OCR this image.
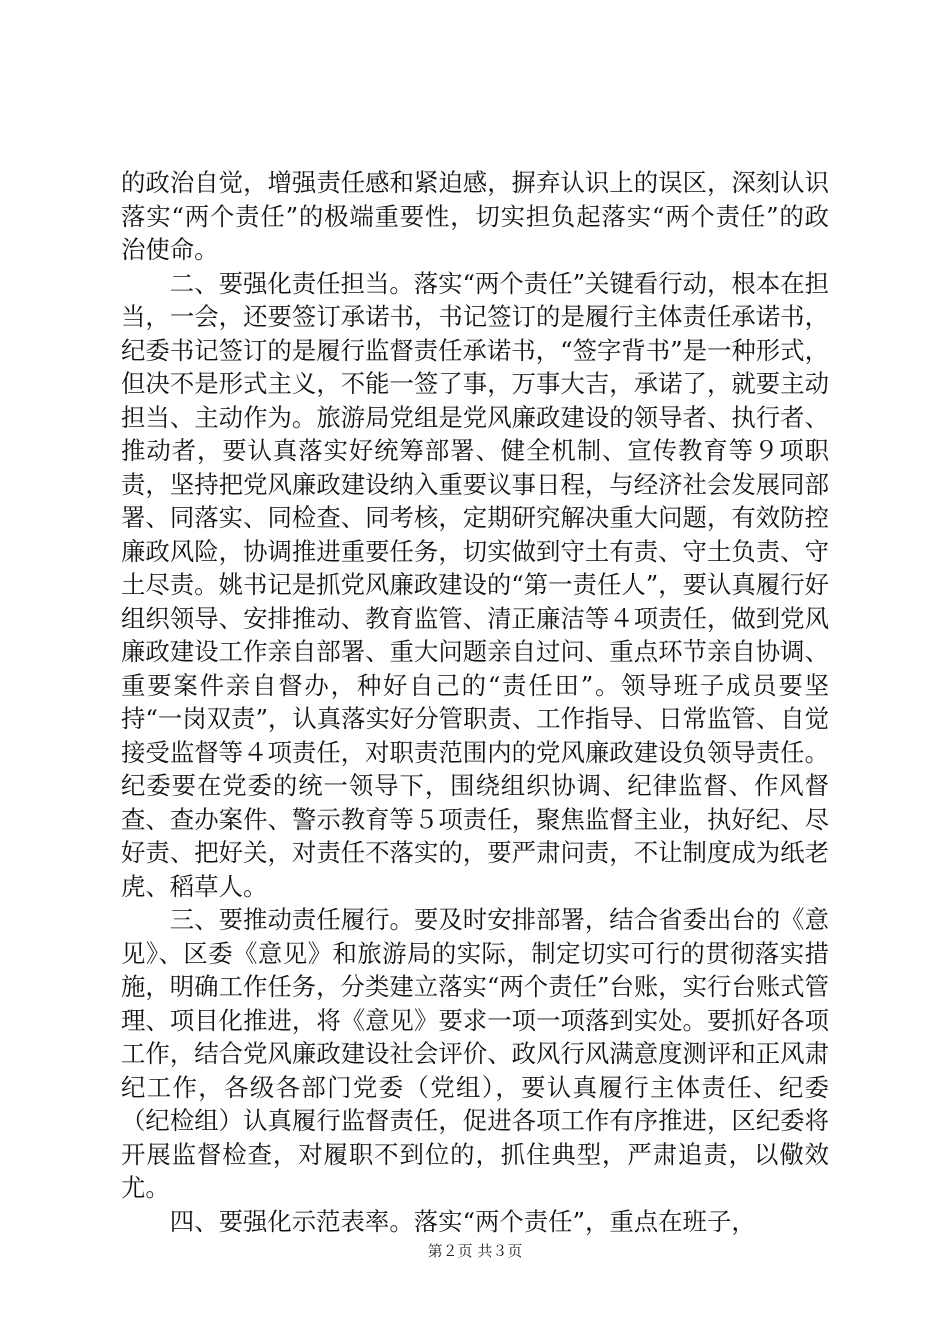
的政治自觉，增强责任感和紧迫感，摒弃认识上的误区，深刻认识落实“两个责任”的极端重要性，切实担负起落实“两个责任”的政治使命。

二、要强化责任担当。落实“两个责任”关键看行动，根本在担当，一会，还要签订承诺书，书记签订的是履行主体责任承诺书，纪委书记签订的是履行监督责任承诺书，“签字背书”是一种形式，但决不是形式主义，不能一签了事，万事大吉，承诺了，就要主动担当、主动作为。旅游局党组是党风廉政建设的领导者、执行者、推动者，要认真落实好统筹部署、健全机制、宣传教育等９项职责，坚持把党风廉政建设纳入重要议事日程，与经济社会发展同部署、同落实、同检查、同考核，定期研究解决重大问题，有效防控廉政风险，协调推进重要任务，切实做到守土有责、守土负责、守土尽责。姚书记是抓党风廉政建设的“第一责任人”，要认真履行好组织领导、安排推动、教育监管、清正廉洁等４项责任，做到党风廉政建设工作亲自部署、重大问题亲自过问、重点环节亲自协调、重要案件亲自督办，种好自己的“责任田”。领导班子成员要坚持“一岗双责”，认真落实好分管职责、工作指导、日常监管、自觉接受监督等４项责任，对职责范围内的党风廉政建设负领导责任。纪委要在党委的统一领导下，围绕组织协调、纪律监督、作风督查、查办案件、警示教育等５项责任，聚焦监督主业，执好纪、尽好责、把好关，对责任不落实的，要严肃问责，不让制度成为纸老虎、稻草人。

三、要推动责任履行。要及时安排部署，结合省委出台的《意见》、区委《意见》和旅游局的实际，制定切实可行的贯彻落实措施，明确工作任务，分类建立落实“两个责任”台账，实行台账式管理、项目化推进，将《意见》要求一项一项落到实处。要抓好各项工作，结合党风廉政建设社会评价、政风行风满意度测评和正风肃纪工作，各级各部门党委（党组），要认真履行主体责任、纪委（纪检组）认真履行监督责任，促进各项工作有序推进，区纪委将开展监督检查，对履职不到位的，抓住典型，严肃追责，以儆效尤。

四、要强化示范表率。落实“两个责任”，重点在班子，

第２页 共３页
